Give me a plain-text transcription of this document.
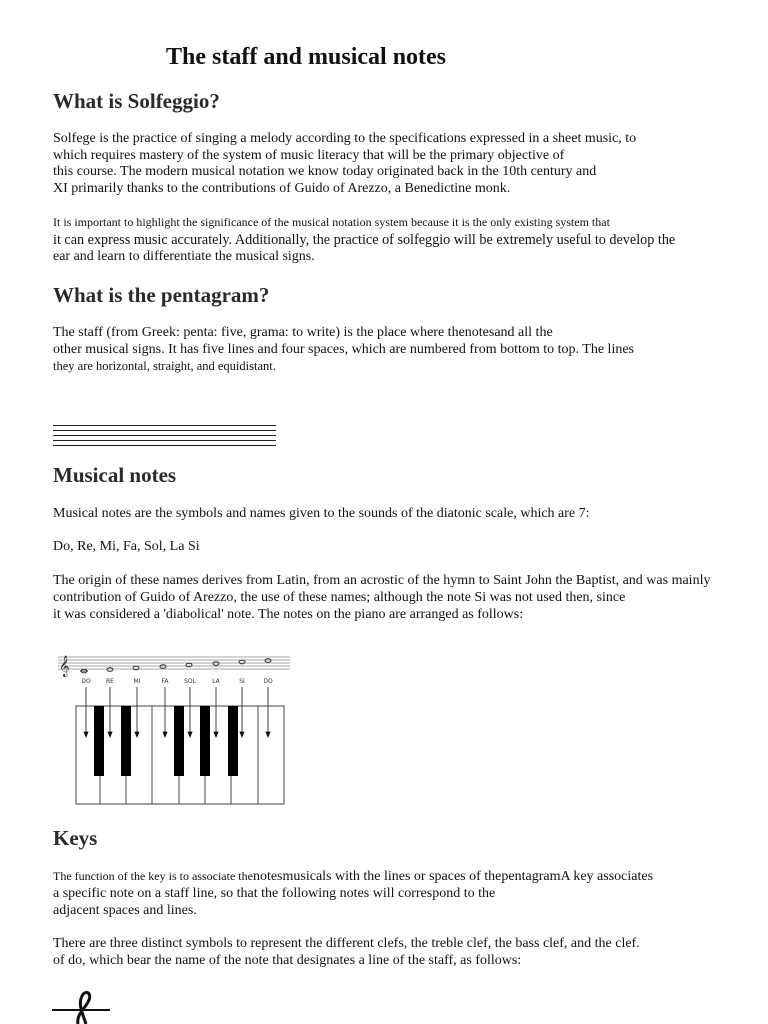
The staff and musical notes
What is Solfeggio?

Solfege is the practice of singing a melody according to the specifications expressed in a sheet music, to

which requires mastery of the system of music literacy that will be the primary objective of

this course. The modern musical notation we know today originated back in the 10th century and

XI primarily thanks to the contributions of Guido of Arezzo, a Benedictine monk.

It is important to highlight the significance of the musical notation system because it is the only existing system that

it can express music accurately. Additionally, the practice of solfeggio will be extremely useful to develop the

ear and learn to differentiate the musical signs.

What is the pentagram?

The staff (from Greek: penta: five, grama: to write) is the place where thenotesand all the

other musical signs. It has five lines and four spaces, which are numbered from bottom to top. The lines

they are horizontal, straight, and equidistant.

Musical notes

Musical notes are the symbols and names given to the sounds of the diatonic scale, which are 7:

Do, Re, Mi, Fa, Sol, La Si

The origin of these names derives from Latin, from an acrostic of the hymn to Saint John the Baptist, and was mainly

contribution of Guido of Arezzo, the use of these names; although the note Si was not used then, since

it was considered a 'diabolical' note. The notes on the piano are arranged as follows:

𝄞
DO	RE	MI	FA	SOL	LA	SI	DO
Keys

The function of the key is to associate thenotesmusicals with the lines or spaces of thepentagramA key associates

a specific note on a staff line, so that the following notes will correspond to the

adjacent spaces and lines.

There are three distinct symbols to represent the different clefs, the treble clef, the bass clef, and the clef.

of do, which bear the name of the note that designates a line of the staff, as follows:
